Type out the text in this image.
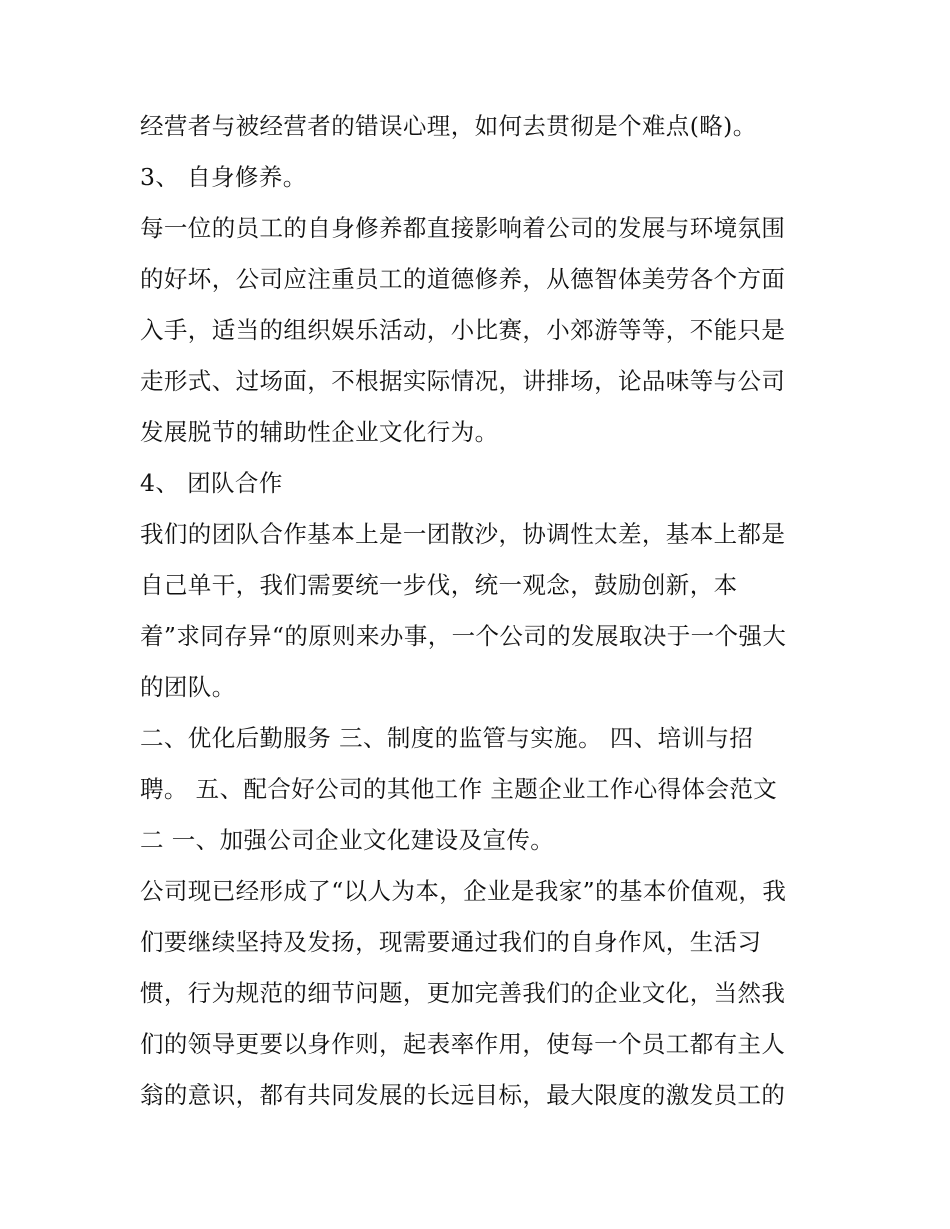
经营者与被经营者的错误心理，如何去贯彻是个难点(略)。
3、 自身修养。
每一位的员工的自身修养都直接影响着公司的发展与环境氛围
的好坏，公司应注重员工的道德修养，从德智体美劳各个方面
入手，适当的组织娱乐活动，小比赛，小郊游等等，不能只是
走形式、过场面，不根据实际情况，讲排场，论品味等与公司
发展脱节的辅助性企业文化行为。
4、 团队合作
我们的团队合作基本上是一团散沙，协调性太差，基本上都是
自己单干，我们需要统一步伐，统一观念，鼓励创新，本
着”求同存异“的原则来办事，一个公司的发展取决于一个强大
的团队。
二、优化后勤服务 三、制度的监管与实施。 四、培训与招
聘。 五、配合好公司的其他工作 主题企业工作心得体会范文
二 一、加强公司企业文化建设及宣传。
公司现已经形成了“以人为本，企业是我家”的基本价值观，我
们要继续坚持及发扬，现需要通过我们的自身作风，生活习
惯，行为规范的细节问题，更加完善我们的企业文化，当然我
们的领导更要以身作则，起表率作用，使每一个员工都有主人
翁的意识，都有共同发展的长远目标，最大限度的激发员工的
